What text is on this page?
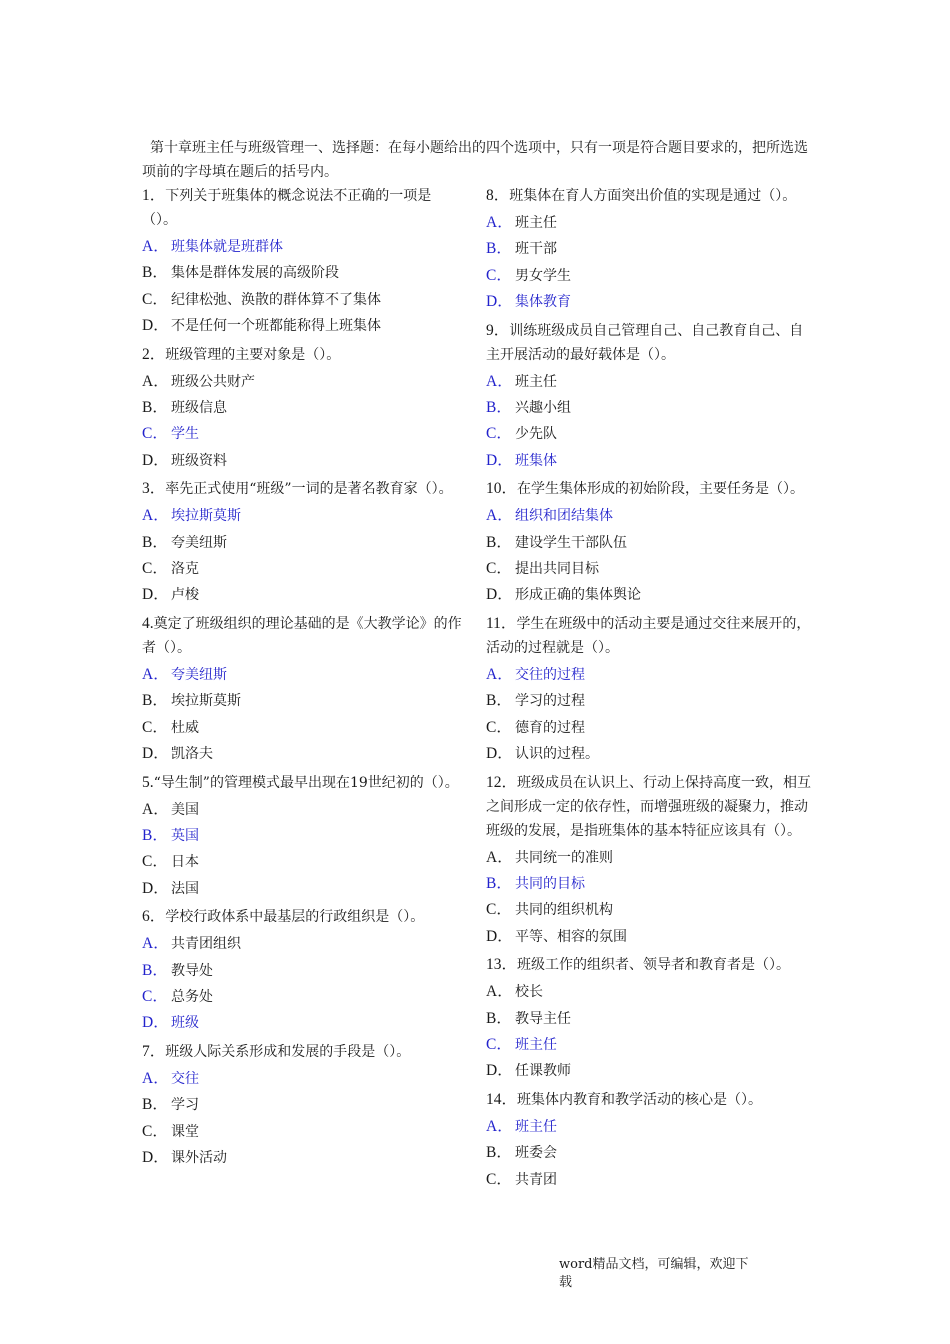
第十章班主任与班级管理一、选择题：在每小题给出的四个选项中，只有一项是符合题目要求的，把所选选项前的字母填在题后的括号内。
1．下列关于班集体的概念说法不正确的一项是（）。
A． 班集体就是班群体
B． 集体是群体发展的高级阶段
C． 纪律松弛、涣散的群体算不了集体
D． 不是任何一个班都能称得上班集体
2．班级管理的主要对象是（）。
A． 班级公共财产
B． 班级信息
C． 学生
D． 班级资料
3．率先正式使用“班级”一词的是著名教育家（）。
A． 埃拉斯莫斯
B． 夸美纽斯
C． 洛克
D． 卢梭
4.奠定了班级组织的理论基础的是《大教学论》的作者（）。
A． 夸美纽斯
B． 埃拉斯莫斯
C． 杜威
D． 凯洛夫
5.“导生制”的管理模式最早出现在19世纪初的（）。
A． 美国
B． 英国
C． 日本
D． 法国
6．学校行政体系中最基层的行政组织是（）。
A． 共青团组织
B． 教导处
C． 总务处
D． 班级
7．班级人际关系形成和发展的手段是（）。
A． 交往
B． 学习
C． 课堂
D． 课外活动
8．班集体在育人方面突出价值的实现是通过（）。
A． 班主任
B． 班干部
C． 男女学生
D． 集体教育
9．训练班级成员自己管理自己、自己教育自己、自主开展活动的最好载体是（）。
A． 班主任
B． 兴趣小组
C． 少先队
D． 班集体
10．在学生集体形成的初始阶段，主要任务是（）。
A． 组织和团结集体
B． 建设学生干部队伍
C． 提出共同目标
D． 形成正确的集体舆论
11．学生在班级中的活动主要是通过交往来展开的，活动的过程就是（）。
A． 交往的过程
B． 学习的过程
C． 德育的过程
D． 认识的过程。
12．班级成员在认识上、行动上保持高度一致，相互之间形成一定的依存性，而增强班级的凝聚力，推动班级的发展，是指班集体的基本特征应该具有（）。
A． 共同统一的准则
B． 共同的目标
C． 共同的组织机构
D． 平等、相容的氛围
13．班级工作的组织者、领导者和教育者是（）。
A． 校长
B． 教导主任
C． 班主任
D． 任课教师
14．班集体内教育和教学活动的核心是（）。
A． 班主任
B． 班委会
C． 共青团
word精品文档，可编辑，欢迎下载
